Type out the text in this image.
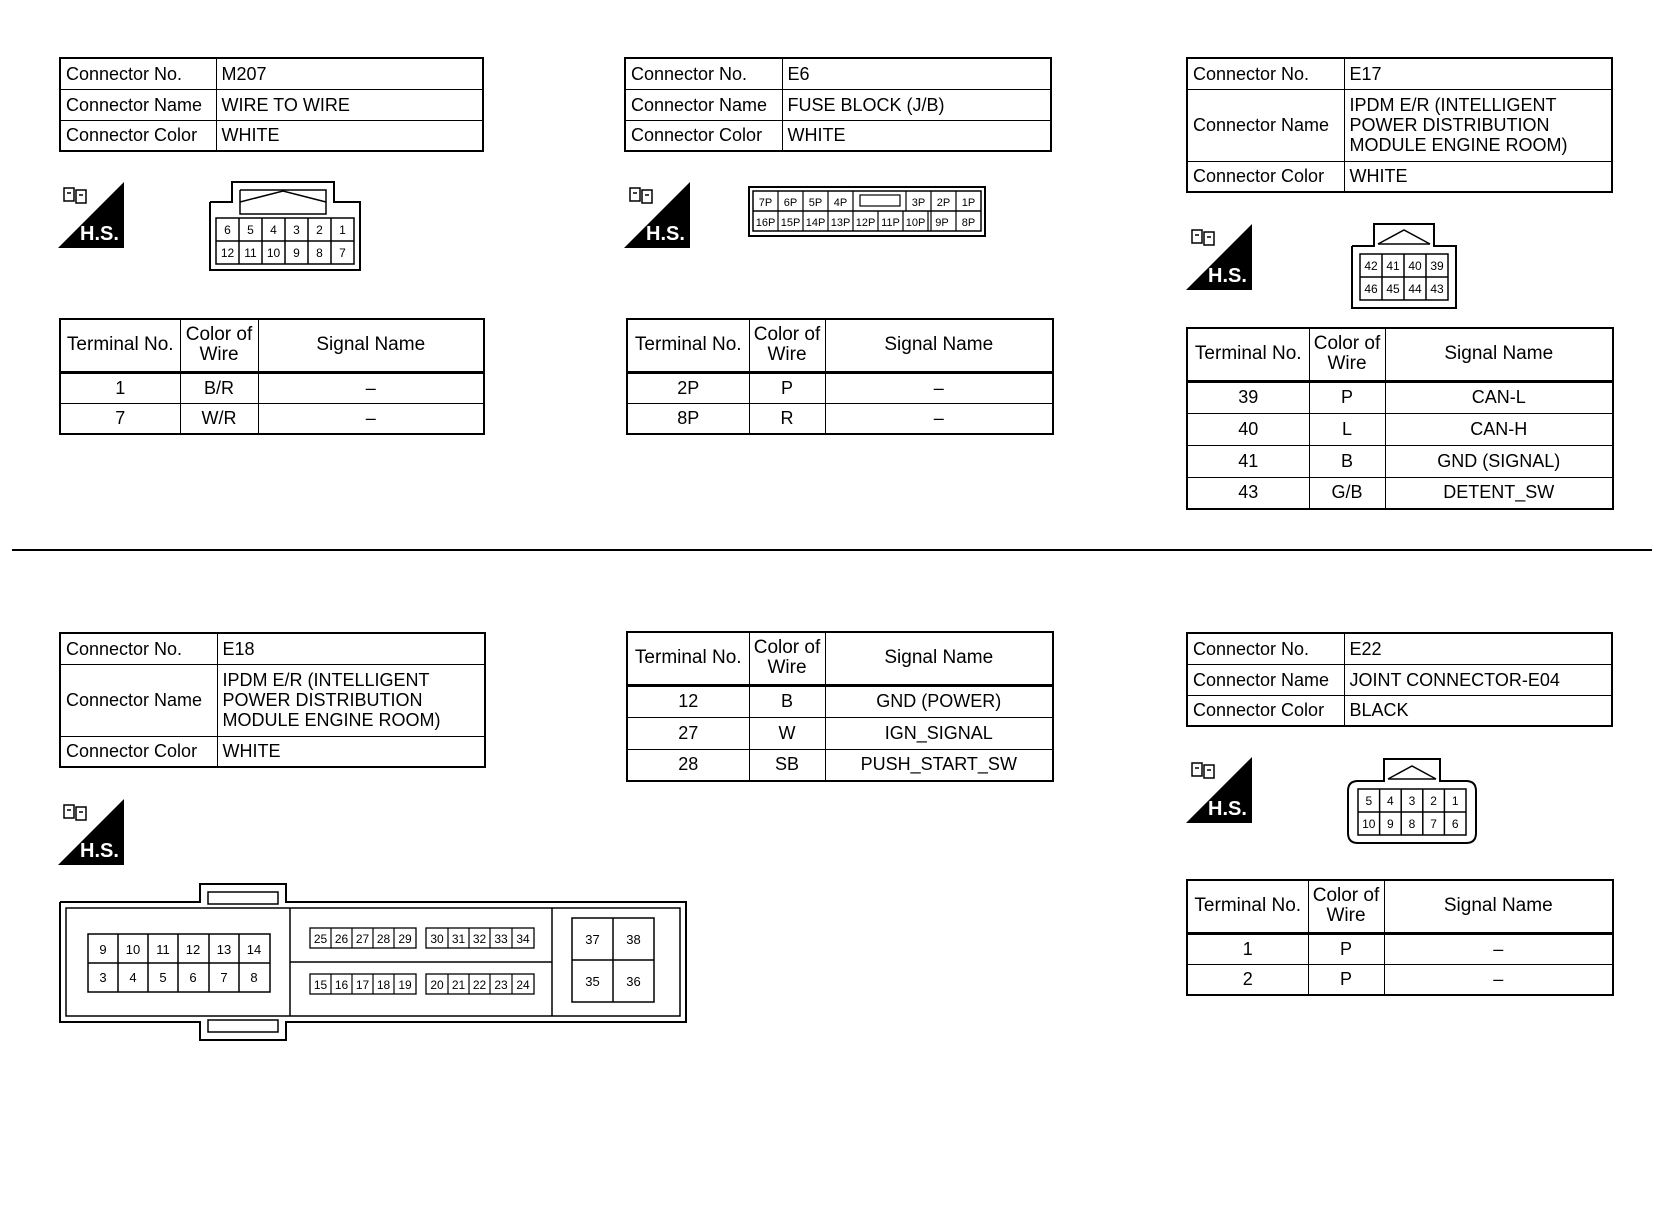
Connector No.	M207
Connector Name	WIRE TO WIRE
Connector Color	WHITE
H.S.	6 5 4 3 2 1
12 11 10 9 8 7
Terminal No.	Color of Wire	Signal Name
1	B/R	–
7	W/R	–
Connector No.	E6
Connector Name	FUSE BLOCK (J/B)
Connector Color	WHITE
H.S.
7P 6P 5P 4P	3P 2P 1P
16P 15P 14P 13P 12P 11P 10P 9P 8P
Terminal No.	Color of Wire	Signal Name
2P	P	–
8P	R	–
Connector No.	E17
Connector Name	IPDM E/R (INTELLIGENT POWER DISTRIBUTION MODULE ENGINE ROOM)
Connector Color	WHITE
H.S.	42 41 40 39
46 45 44 43
Terminal No.	Color of Wire	Signal Name
39	P	CAN-L
40	L	CAN-H
41	B	GND (SIGNAL)
43	G/B	DETENT_SW
Connector No.	E18
Connector Name	IPDM E/R (INTELLIGENT POWER DISTRIBUTION MODULE ENGINE ROOM)
Connector Color	WHITE
H.S.
9 10 11 12 13 14
3 4 5 6 7 8
25 26 27 28 29 30 31 32 33 34
15 16 17 18 19 20 21 22 23 24
37 38
35 36
Terminal No.	Color of Wire	Signal Name
12	B	GND (POWER)
27	W	IGN_SIGNAL
28	SB	PUSH_START_SW
Connector No.	E22
Connector Name	JOINT CONNECTOR-E04
Connector Color	BLACK
H.S.	5 4 3 2 1
10 9 8 7 6
Terminal No.	Color of Wire	Signal Name
1	P	–
2	P	–
